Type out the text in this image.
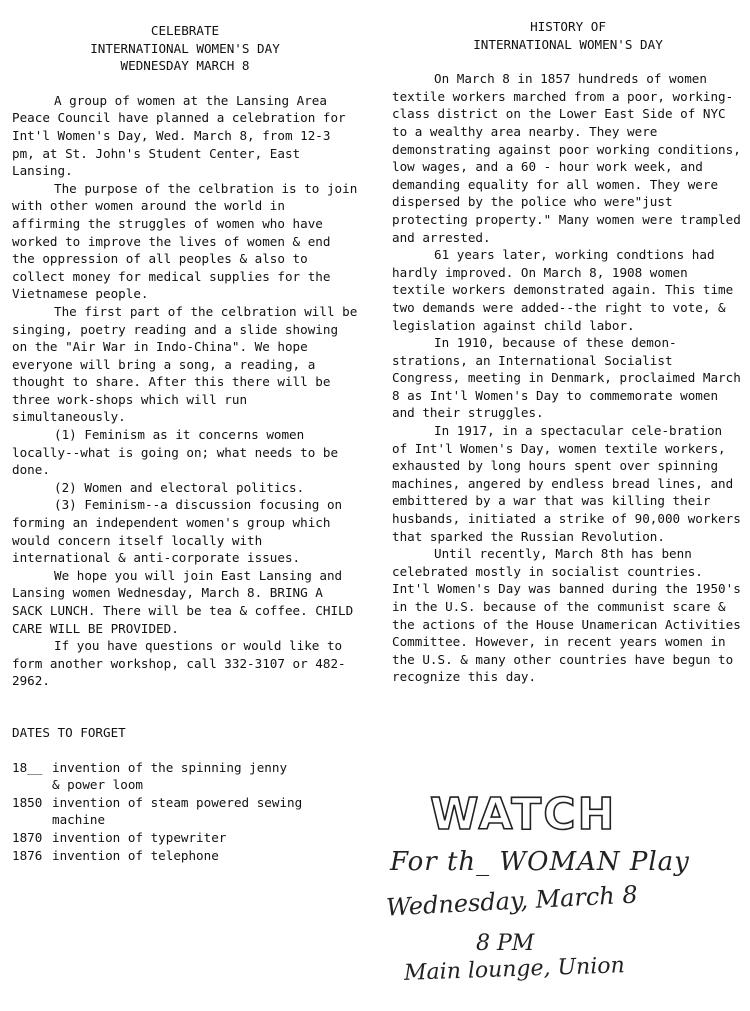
CELEBRATE
INTERNATIONAL WOMEN'S DAY
WEDNESDAY MARCH 8

A group of women at the Lansing Area Peace Council have planned a celebration for Int'l Women's Day, Wed. March 8, from 12-3 pm, at St. John's Student Center, East Lansing.

The purpose of the celbration is to join with other women around the world in affirming the struggles of women who have worked to improve the lives of women & end the oppression of all peoples & also to collect money for medical supplies for the Vietnamese people.

The first part of the celbration will be singing, poetry reading and a slide showing on the "Air War in Indo-China". We hope everyone will bring a song, a reading, a thought to share. After this there will be three work-shops which will run simultaneously.

(1) Feminism as it concerns women locally--what is going on; what needs to be done.

(2) Women and electoral politics.

(3) Feminism--a discussion focusing on forming an independent women's group which would concern itself locally with international & anti-corporate issues.

We hope you will join East Lansing and Lansing women Wednesday, March 8. BRING A SACK LUNCH. There will be tea & coffee. CHILD CARE WILL BE PROVIDED.

If you have questions or would like to form another workshop, call 332-3107 or 482-2962.

DATES TO FORGET

18__ invention of the spinning jenny
& power loom
1850 invention of steam powered sewing
machine
1870 invention of typewriter
1876 invention of telephone
HISTORY OF
INTERNATIONAL WOMEN'S DAY

On March 8 in 1857 hundreds of women textile workers marched from a poor, working-class district on the Lower East Side of NYC to a wealthy area nearby. They were demonstrating against poor working conditions, low wages, and a 60 - hour work week, and demanding equality for all women. They were dispersed by the police who were"just protecting property." Many women were trampled and arrested.

61 years later, working condtions had hardly improved. On March 8, 1908 women textile workers demonstrated again. This time two demands were added--the right to vote, & legislation against child labor.

In 1910, because of these demon-strations, an International Socialist Congress, meeting in Denmark, proclaimed March 8 as Int'l Women's Day to commemorate women and their struggles.

In 1917, in a spectacular cele-bration of Int'l Women's Day, women textile workers, exhausted by long hours spent over spinning machines, angered by endless bread lines, and embittered by a war that was killing their husbands, initiated a strike of 90,000 workers that sparked the Russian Revolution.

Until recently, March 8th has benn celebrated mostly in socialist countries. Int'l Women's Day was banned during the 1950's in the U.S. because of the communist scare & the actions of the House Unamerican Activities Committee. However, in recent years women in the U.S. & many other countries have begun to recognize this day.

WATCH
For th_ WOMAN Play
Wednesday, March 8
8 PM
Main lounge, Union
